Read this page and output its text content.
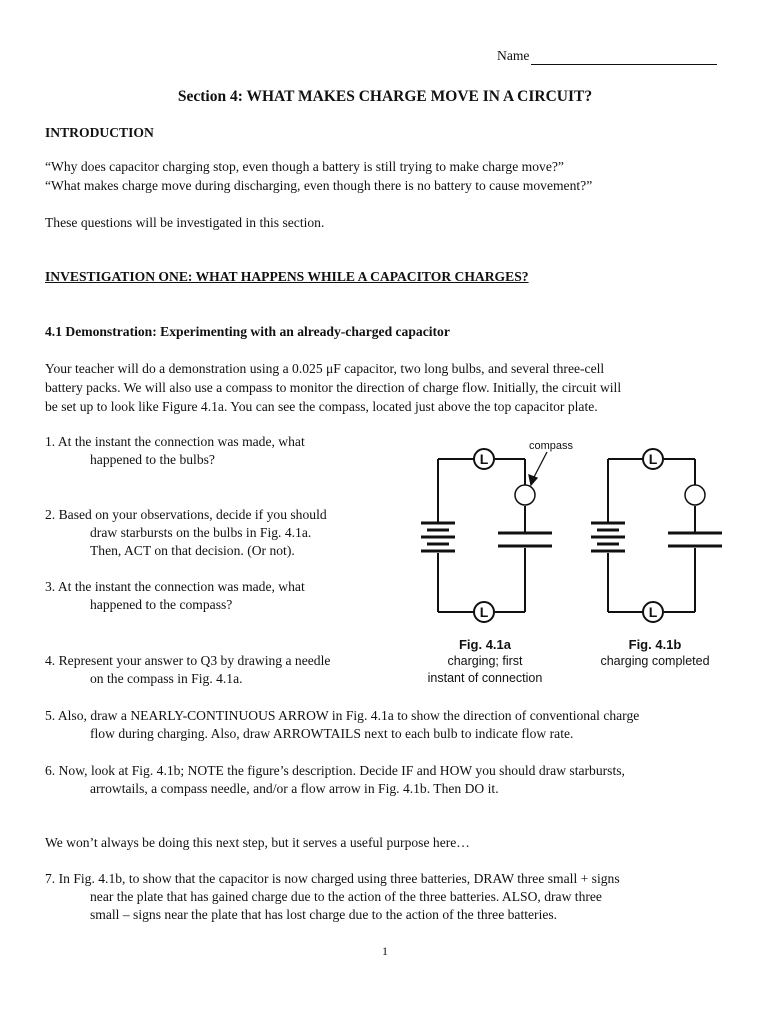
Name
Section 4: WHAT MAKES CHARGE MOVE IN A CIRCUIT?
INTRODUCTION
“Why does capacitor charging stop, even though a battery is still trying to make charge move?”
“What makes charge move during discharging, even though there is no battery to cause movement?”
These questions will be investigated in this section.
INVESTIGATION ONE: WHAT HAPPENS WHILE A CAPACITOR CHARGES?
4.1 Demonstration: Experimenting with an already-charged capacitor
Your teacher will do a demonstration using a 0.025 μF capacitor, two long bulbs, and several three-cell
battery packs. We will also use a compass to monitor the direction of charge flow. Initially, the circuit will
be set up to look like Figure 4.1a. You can see the compass, located just above the top capacitor plate.
1. At the instant the connection was made, what
happened to the bulbs?
2. Based on your observations, decide if you should
draw starbursts on the bulbs in Fig. 4.1a.
Then, ACT on that decision. (Or not).
3. At the instant the connection was made, what
happened to the compass?
4. Represent your answer to Q3 by drawing a needle
on the compass in Fig. 4.1a.
compass
L
L
L
L
Fig. 4.1a
charging; first
instant of connection
Fig. 4.1b
charging completed
5. Also, draw a NEARLY-CONTINUOUS ARROW in Fig. 4.1a to show the direction of conventional charge
flow during charging. Also, draw ARROWTAILS next to each bulb to indicate flow rate.
6. Now, look at Fig. 4.1b; NOTE the figure’s description. Decide IF and HOW you should draw starbursts,
arrowtails, a compass needle, and/or a flow arrow in Fig. 4.1b. Then DO it.
We won’t always be doing this next step, but it serves a useful purpose here…
7. In Fig. 4.1b, to show that the capacitor is now charged using three batteries, DRAW three small + signs
near the plate that has gained charge due to the action of the three batteries. ALSO, draw three
small – signs near the plate that has lost charge due to the action of the three batteries.
1
